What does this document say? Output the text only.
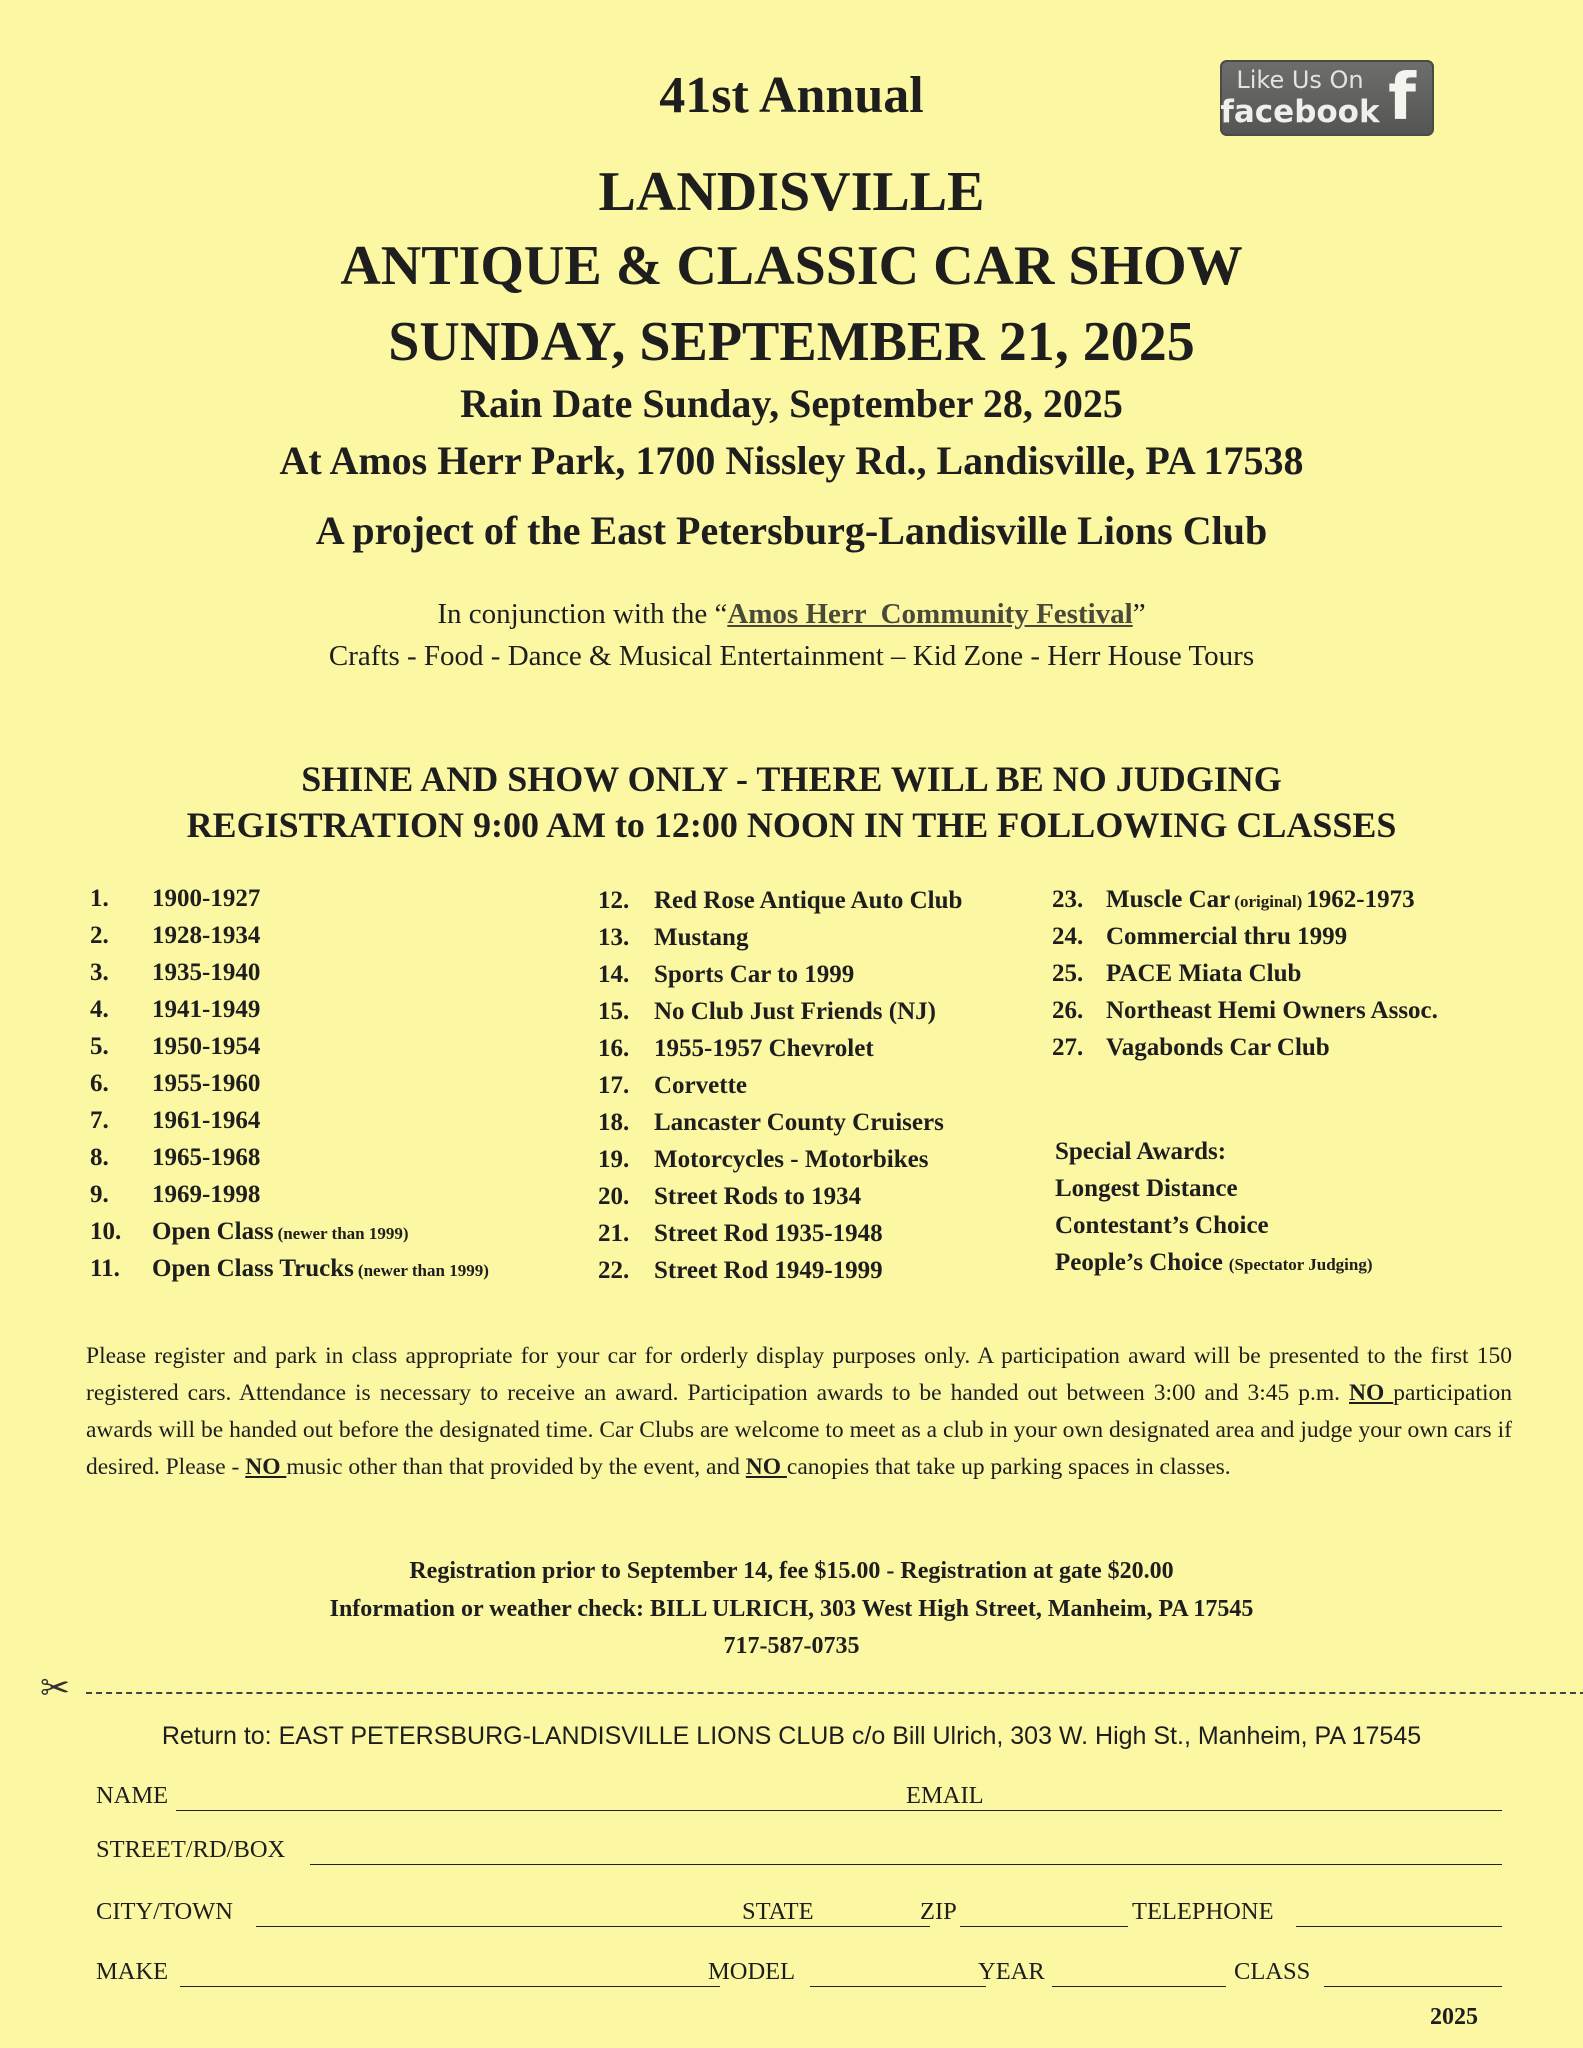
41st Annual
LANDISVILLE
ANTIQUE & CLASSIC CAR SHOW
SUNDAY, SEPTEMBER 21, 2025
Rain Date Sunday, September 28, 2025
At Amos Herr Park, 1700 Nissley Rd., Landisville, PA 17538
A project of the East Petersburg-Landisville Lions Club
Like Us On
facebook f
In conjunction with the “Amos Herr  Community Festival”
Crafts - Food - Dance & Musical Entertainment – Kid Zone - Herr House Tours
SHINE AND SHOW ONLY - THERE WILL BE NO JUDGING
REGISTRATION 9:00 AM to 12:00 NOON IN THE FOLLOWING CLASSES
1. 1900-1927
2. 1928-1934
3. 1935-1940
4. 1941-1949
5. 1950-1954
6. 1955-1960
7. 1961-1964
8. 1965-1968
9. 1969-1998
10. Open Class (newer than 1999)
11. Open Class Trucks (newer than 1999)
12. Red Rose Antique Auto Club
13. Mustang
14. Sports Car to 1999
15. No Club Just Friends (NJ)
16. 1955-1957 Chevrolet
17. Corvette
18. Lancaster County Cruisers
19. Motorcycles - Motorbikes
20. Street Rods to 1934
21. Street Rod 1935-1948
22. Street Rod 1949-1999
23. Muscle Car (original) 1962-1973
24. Commercial thru 1999
25. PACE Miata Club
26. Northeast Hemi Owners Assoc.
27. Vagabonds Car Club
Special Awards:
Longest Distance
Contestant’s Choice
People’s Choice (Spectator Judging)
Please register and park in class appropriate for your car for orderly display purposes only. A participation award will be presented to the first 150 registered cars. Attendance is necessary to receive an award. Participation awards to be handed out between 3:00 and 3:45 p.m. NO participation awards will be handed out before the designated time. Car Clubs are welcome to meet as a club in your own designated area and judge your own cars if desired. Please - NO music other than that provided by the event, and NO canopies that take up parking spaces in classes.
Registration prior to September 14, fee $15.00 - Registration at gate $20.00
Information or weather check: BILL ULRICH, 303 West High Street, Manheim, PA 17545
717-587-0735
✂
Return to: EAST PETERSBURG-LANDISVILLE LIONS CLUB c/o Bill Ulrich, 303 W. High St., Manheim, PA 17545
NAME	EMAIL
STREET/RD/BOX
CITY/TOWN	STATE	ZIP	TELEPHONE
MAKE	MODEL	YEAR	CLASS
2025
